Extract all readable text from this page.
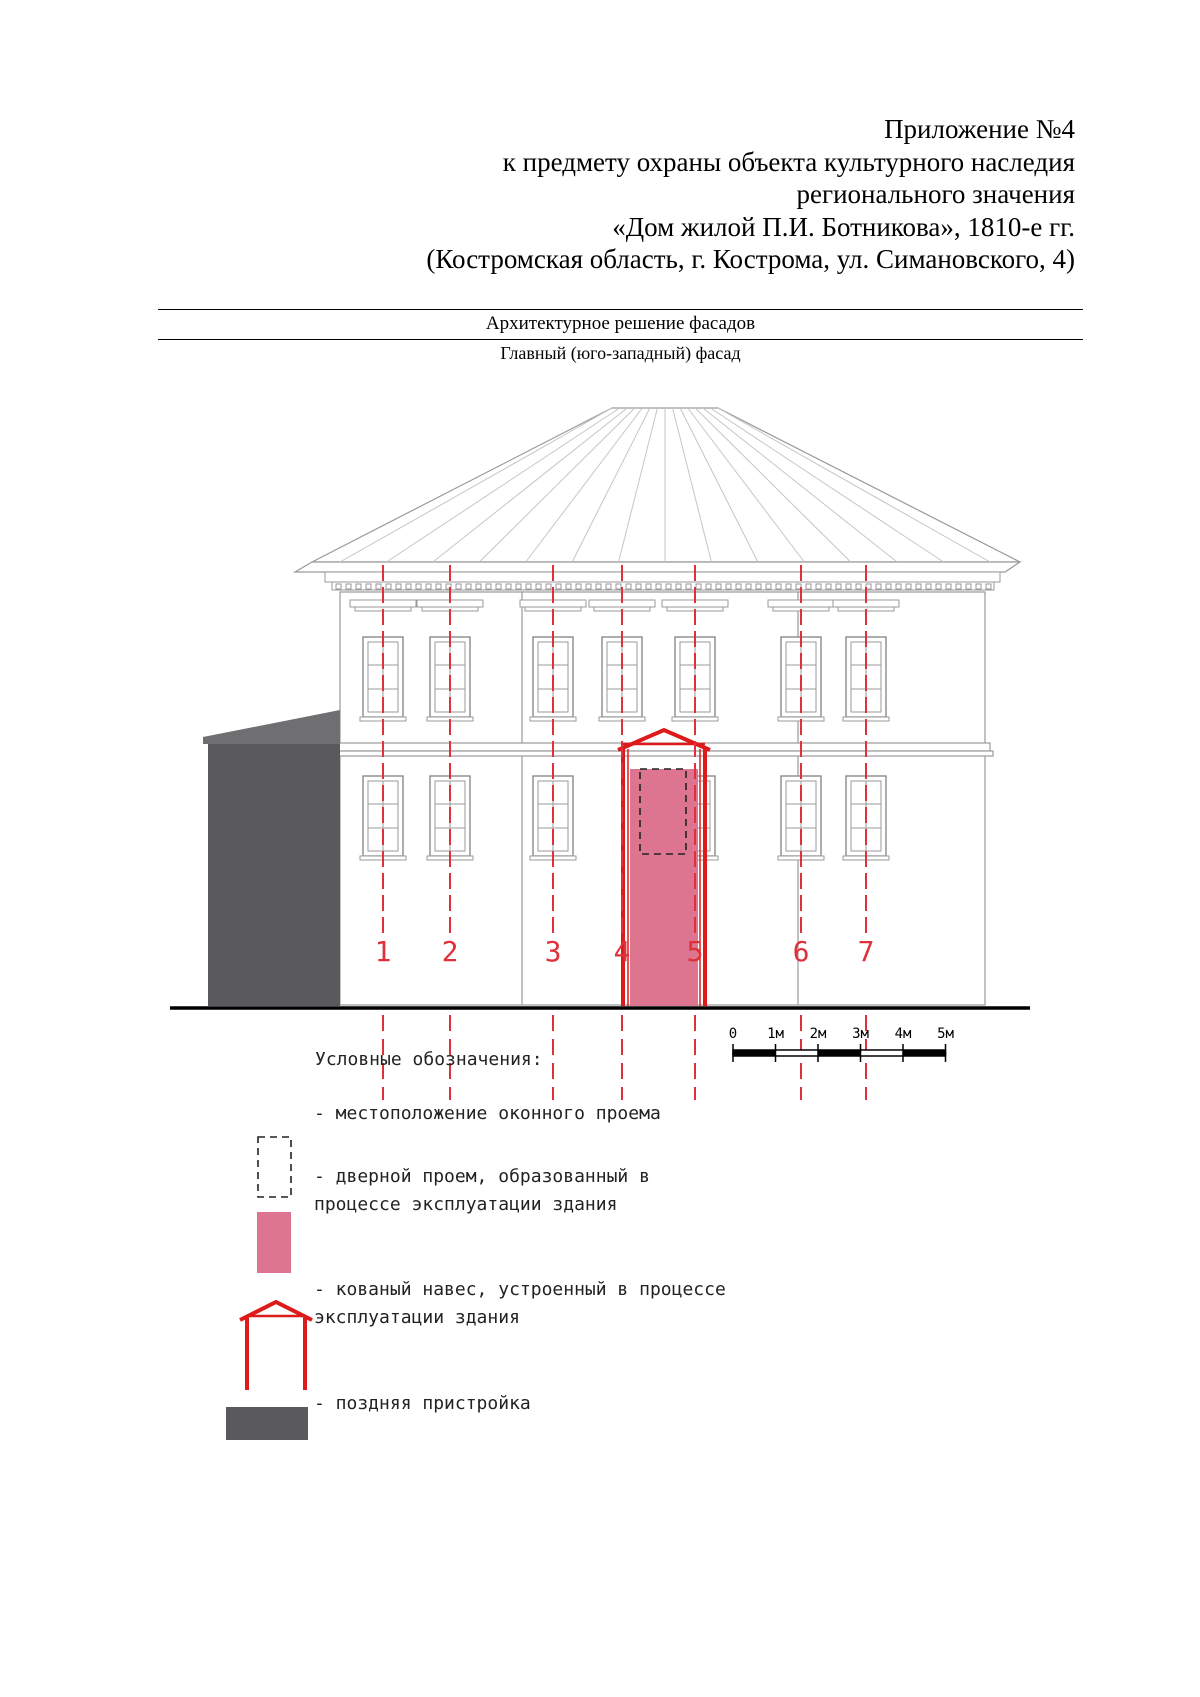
Приложение №4
к предмету охраны объекта культурного наследия
регионального значения
«Дом жилой П.И. Ботникова», 1810-е гг.
(Костромская область, г. Кострома, ул. Симановского, 4)
Архитектурное решение фасадов
Главный (юго-западный) фасад
1 2	3 4 5	6 7
0 1м 2м 3м 4м 5м
Условные обозначения:
- местоположение оконного проема
- дверной проем, образованный в
процессе эксплуатации здания
- кованый навес, устроенный в процессе
эксплуатации здания
- поздняя пристройка
